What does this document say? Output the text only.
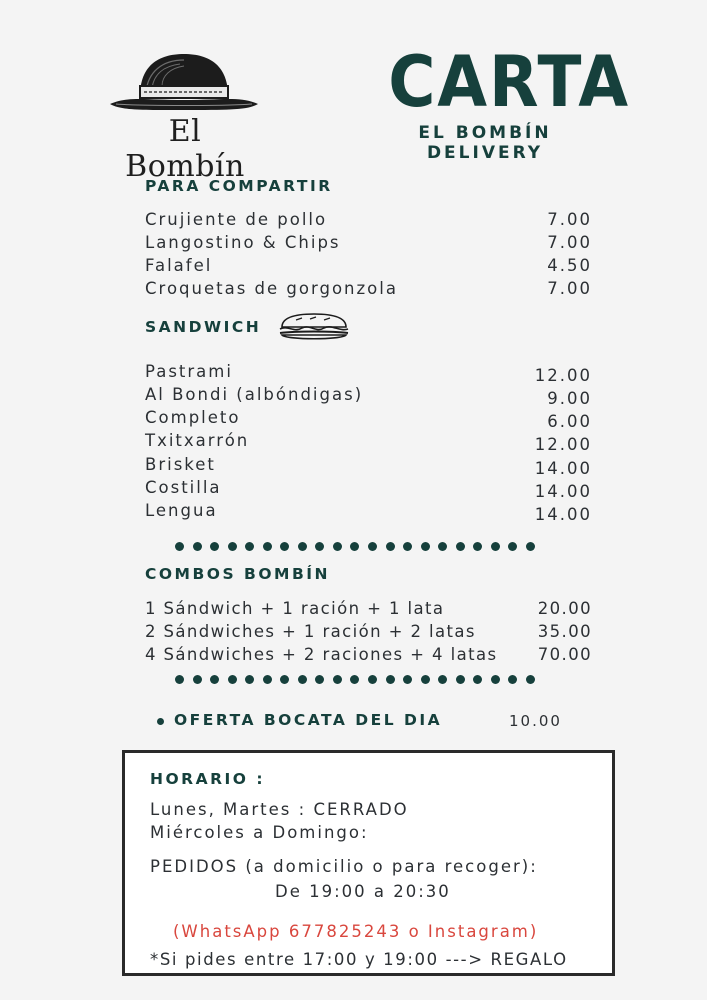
El Bombín
CARTA
EL BOMBÍN
DELIVERY
PARA COMPARTIR
Crujiente de pollo	7.00
Langostino & Chips	7.00
Falafel	4.50
Croquetas de gorgonzola	7.00
SANDWICH
Pastrami	12.00
Al Bondi (albóndigas)	9.00
Completo	6.00
Txitxarrón	12.00
Brisket	14.00
Costilla	14.00
Lengua	14.00
COMBOS BOMBÍN
1 Sándwich + 1 ración + 1 lata	20.00
2 Sándwiches + 1 ración + 2 latas	35.00
4 Sándwiches + 2 raciones + 4 latas 70.00
OFERTA BOCATA DEL DIA	10.00
HORARIO :
Lunes, Martes : CERRADO
Miércoles a Domingo:
PEDIDOS (a domicilio o para recoger):
De 19:00 a 20:30
(WhatsApp 677825243 o Instagram)
*Si pides entre 17:00 y 19:00 ---> REGALO
